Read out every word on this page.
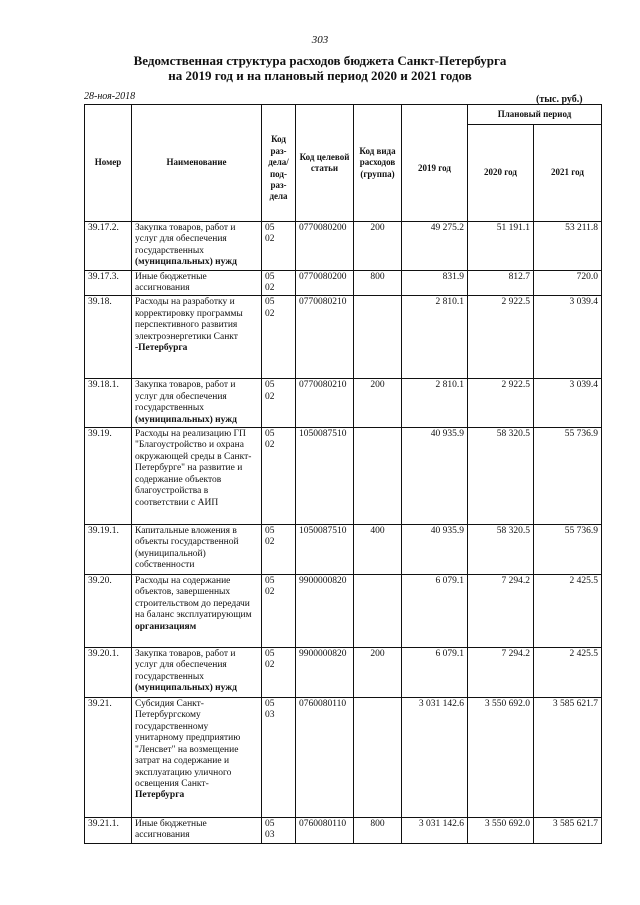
303
Ведомственная структура расходов бюджета Санкт-Петербурга
на 2019 год и на плановый период 2020 и 2021 годов
28-ноя-2018	(тыс. руб.)
Номер	Наименование	Код раз- дела/ под- раз- дела	Код целевой статьи	Код вида расходов (группа)	2019 год	Плановый период	
						2020 год	2021 год
39.17.2.	Закупка товаров, работ и услуг для обеспечения государственных (муниципальных) нужд	0502	0770080200	200	49 275.2	51 191.1	53 211.8
39.17.3.	Иные бюджетные ассигнования	0502	0770080200	800	831.9	812.7	720.0
39.18.	Расходы на разработку и корректировку программы перспективного развития электроэнергетики Санкт -Петербурга	0502	0770080210		2 810.1	2 922.5	3 039.4
39.18.1.	Закупка товаров, работ и услуг для обеспечения государственных (муниципальных) нужд	0502	0770080210	200	2 810.1	2 922.5	3 039.4
39.19.	Расходы на реализацию ГП "Благоустройство и охрана окружающей среды в Санкт-Петербурге" на развитие и содержание объектов благоустройства в соответствии с АИП	0502	1050087510		40 935.9	58 320.5	55 736.9
39.19.1.	Капитальные вложения в объекты государственной (муниципальной) собственности	0502	1050087510	400	40 935.9	58 320.5	55 736.9
39.20.	Расходы на содержание объектов, завершенных строительством до передачи на баланс эксплуатирующим организациям	0502	9900000820		6 079.1	7 294.2	2 425.5
39.20.1.	Закупка товаров, работ и услуг для обеспечения государственных (муниципальных) нужд	0502	9900000820	200	6 079.1	7 294.2	2 425.5
39.21.	Субсидия Санкт-Петербургскому государственному унитарному предприятию "Ленсвет" на возмещение затрат на содержание и эксплуатацию уличного освещения Санкт- Петербурга	0503	0760080110		3 031 142.6	3 550 692.0	3 585 621.7
39.21.1.	Иные бюджетные ассигнования	0503	0760080110	800	3 031 142.6	3 550 692.0	3 585 621.7
